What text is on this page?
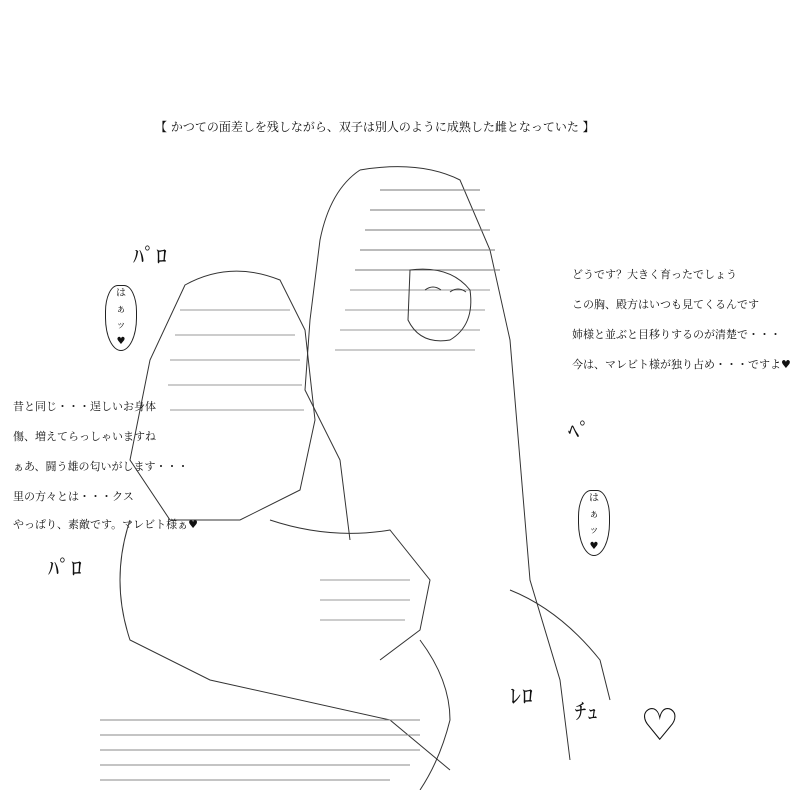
【 かつての面差しを残しながら、双子は別人のように成熟した雌となっていた 】
ﾊﾟﾛ
ﾊﾟﾛ
ﾍﾟ
ﾚﾛ
ﾁｭ ♡
は
ぁ
ッ
♥
は
ぁ
ッ
♥
どうです？大きく育ったでしょう
この胸、殿方はいつも見てくるんです
姉様と並ぶと目移りするのが清楚で・・・
今は、マレビト様が独り占め・・・ですよ♥
昔と同じ・・・逞しいお身体
傷、増えてらっしゃいますね
ぁあ、闘う雄の匂いがします・・・
里の方々とは・・・クス
やっぱり、素敵です。マレビト様ぁ♥
